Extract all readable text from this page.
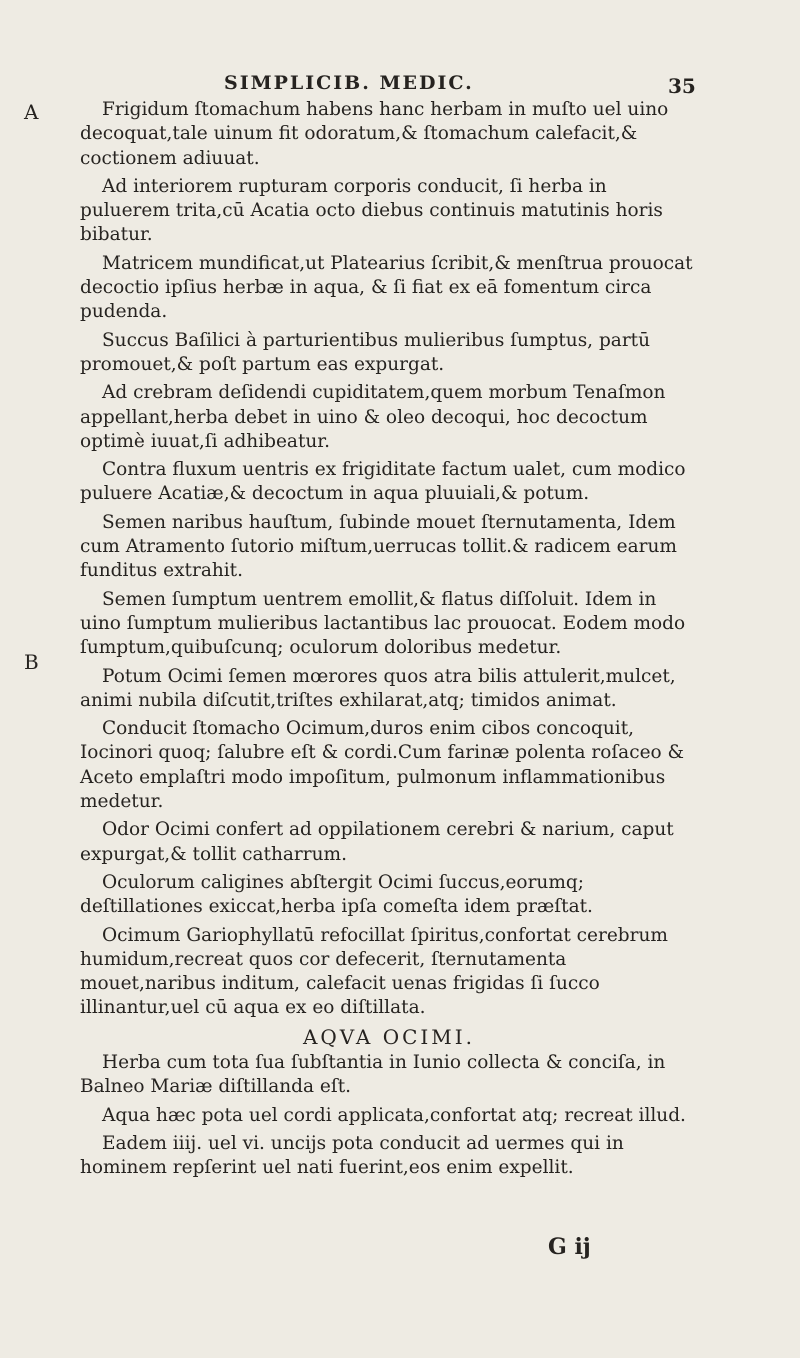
SIMPLICIB. MEDIC.	35
A
B

Frigidum ſtomachum habens hanc herbam in muſto uel uino decoquat,tale uinum fit odoratum,& ſtomachum calefacit,& coctionem adiuuat.

Ad interiorem rupturam corporis conducit, ſi herba in puluerem trita,cū Acatia octo diebus continuis matutinis horis bibatur.

Matricem mundificat,ut Platearius ſcribit,& menſtrua prouocat decoctio ipſius herbæ in aqua, & ſi fiat ex eā fomentum circa pudenda.

Succus Baſilici à parturientibus mulieribus ſumptus, partū promouet,& poſt partum eas expurgat.

Ad crebram deſidendi cupiditatem,quem morbum Tenaſmon appellant,herba debet in uino & oleo decoqui, hoc decoctum optimè iuuat,ſi adhibeatur.

Contra fluxum uentris ex frigiditate factum ualet, cum modico puluere Acatiæ,& decoctum in aqua pluuiali,& potum.

Semen naribus hauſtum, ſubinde mouet ſternutamenta, Idem cum Atramento ſutorio miſtum,uerrucas tollit.& radicem earum funditus extrahit.

Semen ſumptum uentrem emollit,& flatus diſſoluit. Idem in uino ſumptum mulieribus lactantibus lac prouocat. Eodem modo ſumptum,quibuſcunq; oculorum doloribus medetur.

Potum Ocimi ſemen mœrores quos atra bilis attulerit,mulcet, animi nubila diſcutit,triſtes exhilarat,atq; timidos animat.

Conducit ſtomacho Ocimum,duros enim cibos concoquit, Iocinori quoq; ſalubre eſt & cordi.Cum farinæ polenta roſaceo & Aceto emplaſtri modo impoſitum, pulmonum inflammationibus medetur.

Odor Ocimi confert ad oppilationem cerebri & narium, caput expurgat,& tollit catharrum.

Oculorum caligines abſtergit Ocimi ſuccus,eorumq; deſtillationes exiccat,herba ipſa comeſta idem præſtat.

Ocimum Gariophyllatū refocillat ſpiritus,confortat cerebrum humidum,recreat quos cor defecerit, ſternutamenta mouet,naribus inditum, calefacit uenas frigidas ſi ſucco illinantur,uel cū aqua ex eo diſtillata.

AQVA OCIMI.

Herba cum tota ſua ſubſtantia in Iunio collecta & conciſa, in Balneo Mariæ diſtillanda eſt.

Aqua hæc pota uel cordi applicata,confortat atq; recreat illud.

Eadem iiij. uel vi. uncijs pota conducit ad uermes qui in hominem repſerint uel nati fuerint,eos enim expellit.

G ij
